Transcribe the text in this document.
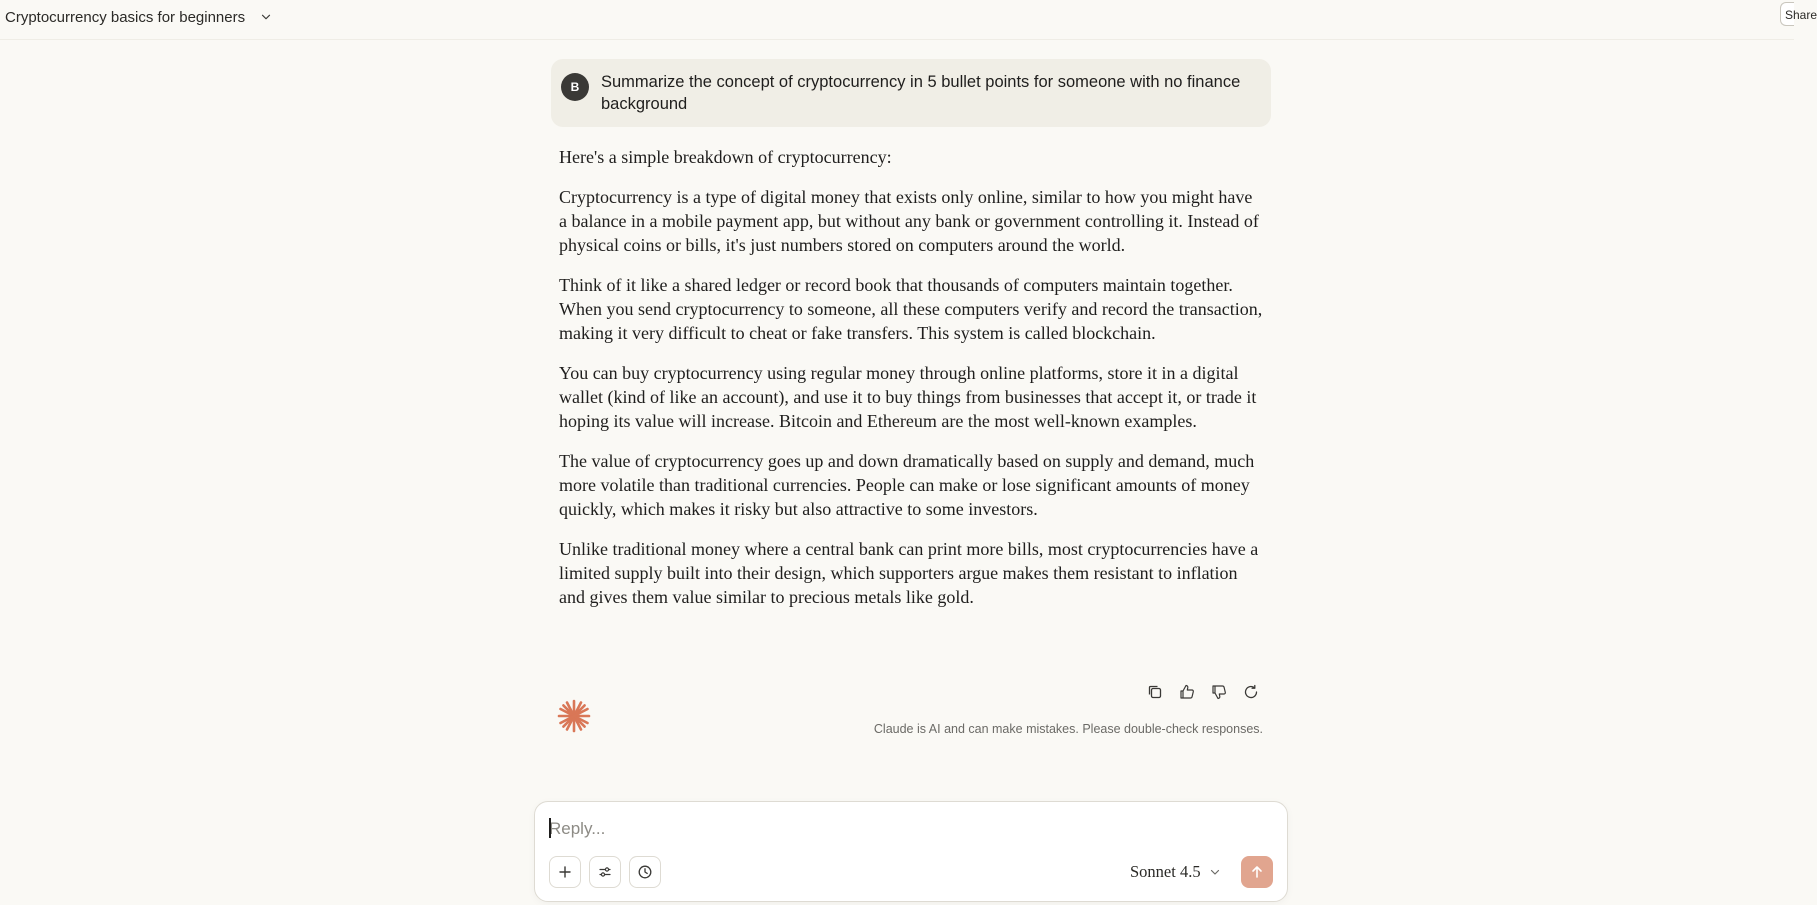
Cryptocurrency basics for beginners	Share
B	Summarize the concept of cryptocurrency in 5 bullet points for someone with no finance background

Here's a simple breakdown of cryptocurrency:

Cryptocurrency is a type of digital money that exists only online, similar to how you might have a balance in a mobile payment app, but without any bank or government controlling it. Instead of physical coins or bills, it's just numbers stored on computers around the world.

Think of it like a shared ledger or record book that thousands of computers maintain together. When you send cryptocurrency to someone, all these computers verify and record the transaction, making it very difficult to cheat or fake transfers. This system is called blockchain.

You can buy cryptocurrency using regular money through online platforms, store it in a digital wallet (kind of like an account), and use it to buy things from businesses that accept it, or trade it hoping its value will increase. Bitcoin and Ethereum are the most well-known examples.

The value of cryptocurrency goes up and down dramatically based on supply and demand, much more volatile than traditional currencies. People can make or lose significant amounts of money quickly, which makes it risky but also attractive to some investors.

Unlike traditional money where a central bank can print more bills, most cryptocurrencies have a limited supply built into their design, which supporters argue makes them resistant to inflation and gives them value similar to precious metals like gold.

Claude is AI and can make mistakes. Please double-check responses.
Reply...
Sonnet 4.5
